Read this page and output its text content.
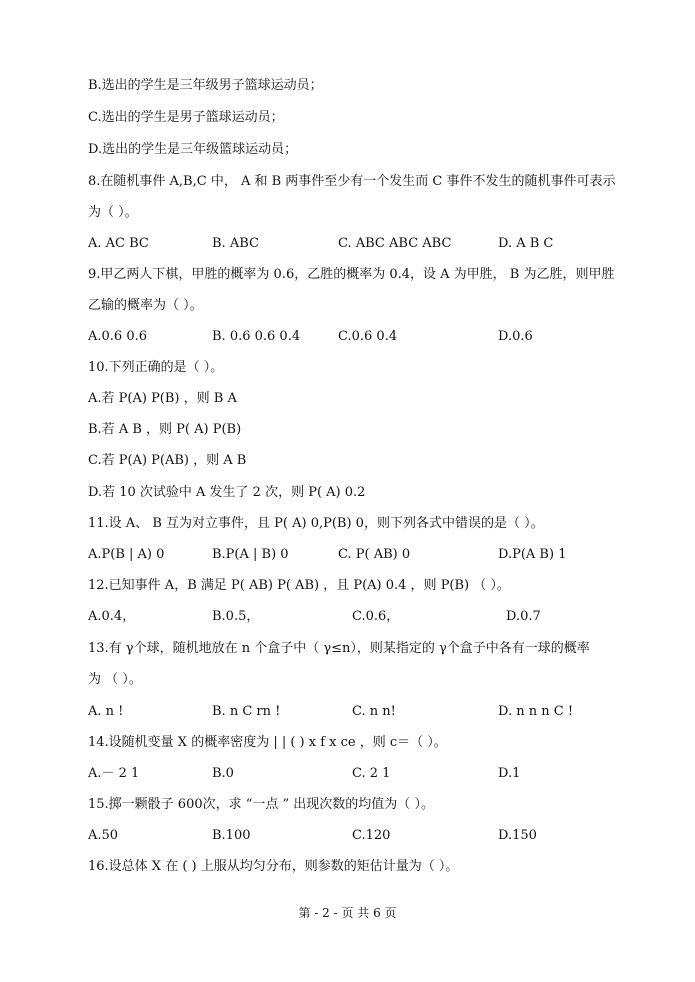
B.选出的学生是三年级男子篮球运动员；
C.选出的学生是男子篮球运动员；
D.选出的学生是三年级篮球运动员；
8.在随机事件 A,B,C 中， A 和 B 两事件至少有一个发生而 C 事件不发生的随机事件可表示
为（ ）。
A. AC BC	B. ABC	C. ABC ABC ABC	D. A B C
9.甲乙两人下棋，甲胜的概率为 0.6，乙胜的概率为 0.4，设 A 为甲胜， B 为乙胜，则甲胜
乙输的概率为（ ）。
A.0.6 0.6	B. 0.6 0.6 0.4	C.0.6 0.4	D.0.6
10.下列正确的是（ ）。
A.若 P(A) P(B) ，则 B A
B.若 A B ，则 P( A) P(B)
C.若 P(A) P(AB) ，则 A B
D.若 10 次试验中 A 发生了 2 次，则 P( A) 0.2
11.设 A、 B 互为对立事件，且 P( A) 0,P(B) 0，则下列各式中错误的是（ ）。
A.P(B | A) 0	B.P(A | B) 0	C. P( AB) 0	D.P(A B) 1
12.已知事件 A，B 满足 P( AB) P( AB) ，且 P(A) 0.4 ，则 P(B) （ ）。
A.0.4，	B.0.5，	C.0.6，	D.0.7
13.有 γ个球，随机地放在 n 个盒子中（ γ≤n），则某指定的 γ个盒子中各有一球的概率
为 （ ）。
A. n !	B. n C rn !	C. n n!	D. n n n C !
14.设随机变量 X 的概率密度为 | | ( ) x f x ce ，则 c＝（ ）。
A.－ 2 1	B.0	C. 2 1	D.1
15.掷一颗骰子 600次，求 “一点 ” 出现次数的均值为（ ）。
A.50	B.100	C.120	D.150
16.设总体 X 在 ( ) 上服从均匀分布，则参数的矩估计量为（ ）。
第 - 2 - 页 共 6 页
